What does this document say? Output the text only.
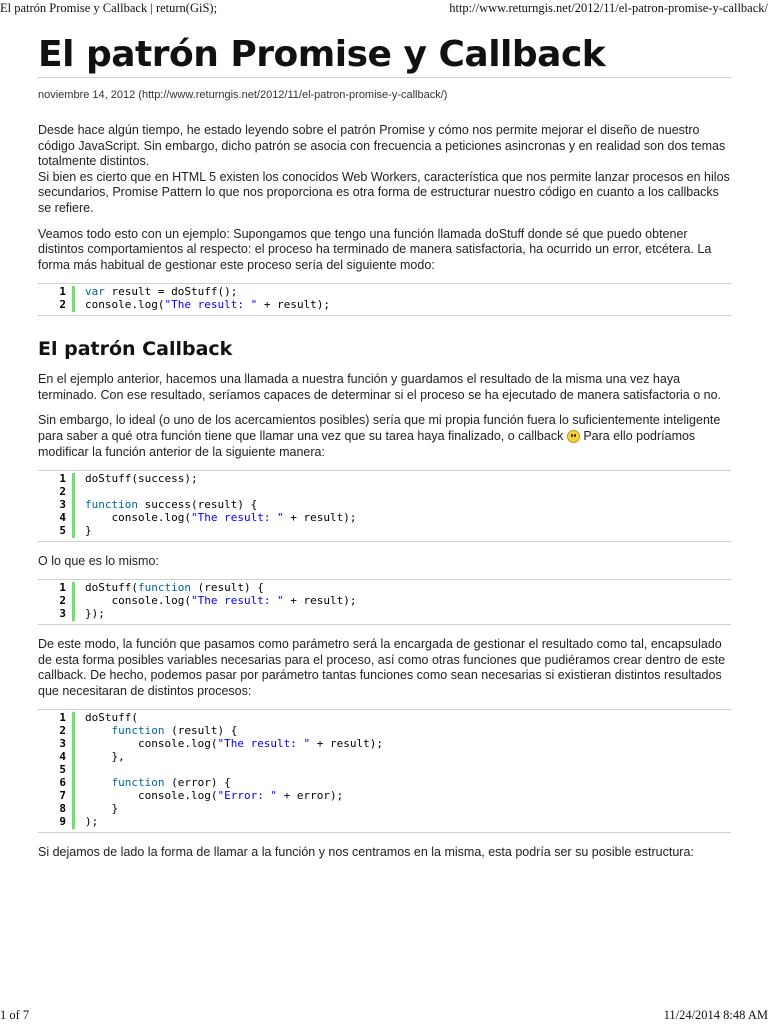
El patrón Promise y Callback | return(GiS);	http://www.returngis.net/2012/11/el-patron-promise-y-callback/
El patrón Promise y Callback
noviembre 14, 2012 (http://www.returngis.net/2012/11/el-patron-promise-y-callback/)

Desde hace algún tiempo, he estado leyendo sobre el patrón Promise y cómo nos permite mejorar el diseño de nuestro código JavaScript. Sin embargo, dicho patrón se asocia con frecuencia a peticiones asincronas y en realidad son dos temas totalmente distintos.

Si bien es cierto que en HTML 5 existen los conocidos Web Workers, característica que nos permite lanzar procesos en hilos secundarios, Promise Pattern lo que nos proporciona es otra forma de estructurar nuestro código en cuanto a los callbacks se refiere.

Veamos todo esto con un ejemplo: Supongamos que tengo una función llamada doStuff donde sé que puedo obtener distintos comportamientos al respecto: el proceso ha terminado de manera satisfactoria, ha ocurrido un error, etcétera. La forma más habitual de gestionar este proceso sería del siguiente modo:

1
2
var result = doStuff();
console.log("The result: " + result);
El patrón Callback

En el ejemplo anterior, hacemos una llamada a nuestra función y guardamos el resultado de la misma una vez haya terminado. Con ese resultado, seríamos capaces de determinar si el proceso se ha ejecutado de manera satisfactoria o no.

Sin embargo, lo ideal (o uno de los acercamientos posibles) sería que mi propia función fuera lo suficientemente inteligente para saber a qué otra función tiene que llamar una vez que su tarea haya finalizado, o callback Para ello podríamos modificar la función anterior de la siguiente manera:

1
2
3
4
5
doStuff(success);

function success(result) {
console.log("The result: " + result);
}

O lo que es lo mismo:

1
2
3
doStuff(function (result) {
console.log("The result: " + result);
});

De este modo, la función que pasamos como parámetro será la encargada de gestionar el resultado como tal, encapsulado de esta forma posibles variables necesarias para el proceso, así como otras funciones que pudiéramos crear dentro de este callback. De hecho, podemos pasar por parámetro tantas funciones como sean necesarias si existieran distintos resultados que necesitaran de distintos procesos:

1
2
3
4
5
6
7
8
9
doStuff(
function (result) {
console.log("The result: " + result);
},

function (error) {
console.log("Error: " + error);
}
);

Si dejamos de lado la forma de llamar a la función y nos centramos en la misma, esta podría ser su posible estructura:

1 of 7	11/24/2014 8:48 AM
